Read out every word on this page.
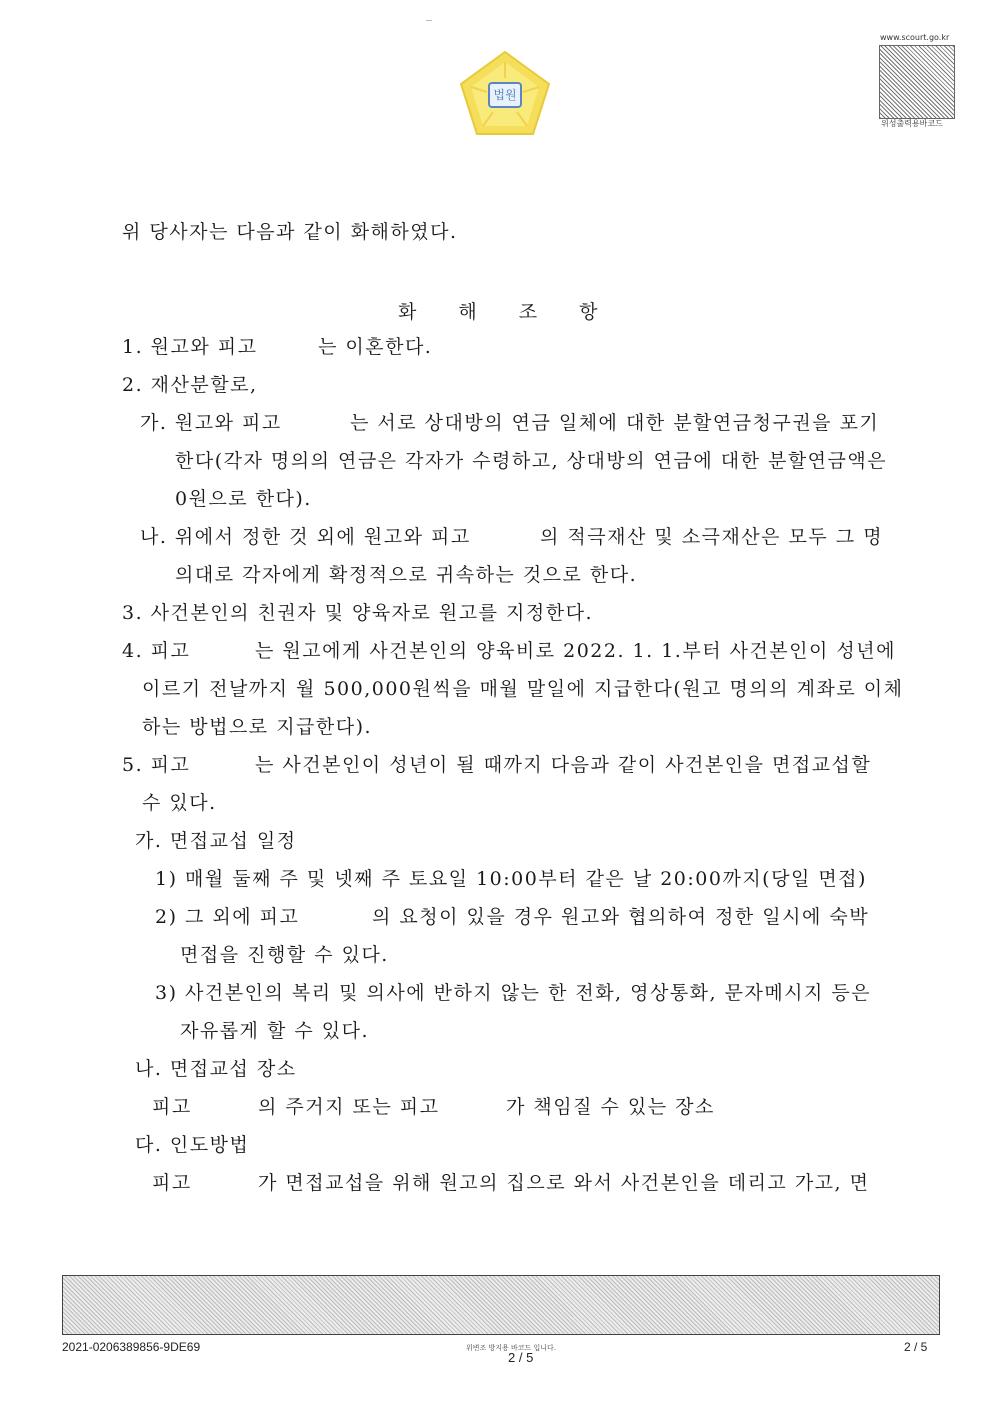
법원
www.scourt.go.kr
위성출력용바코드
위 당사자는 다음과 같이 화해하였다.
화 해 조 항
1. 원고와 피고	는 이혼한다.
2. 재산분할로,
가. 원고와 피고	는 서로 상대방의 연금 일체에 대한 분할연금청구권을 포기
한다(각자 명의의 연금은 각자가 수령하고, 상대방의 연금에 대한 분할연금액은
0원으로 한다).
나. 위에서 정한 것 외에 원고와 피고	의 적극재산 및 소극재산은 모두 그 명
의대로 각자에게 확정적으로 귀속하는 것으로 한다.
3. 사건본인의 친권자 및 양육자로 원고를 지정한다.
4. 피고	는 원고에게 사건본인의 양육비로 2022. 1. 1.부터 사건본인이 성년에
이르기 전날까지 월 500,000원씩을 매월 말일에 지급한다(원고 명의의 계좌로 이체
하는 방법으로 지급한다).
5. 피고	는 사건본인이 성년이 될 때까지 다음과 같이 사건본인을 면접교섭할
수 있다.
가. 면접교섭 일정
1) 매월 둘째 주 및 넷째 주 토요일 10:00부터 같은 날 20:00까지(당일 면접)
2) 그 외에 피고	의 요청이 있을 경우 원고와 협의하여 정한 일시에 숙박
면접을 진행할 수 있다.
3) 사건본인의 복리 및 의사에 반하지 않는 한 전화, 영상통화, 문자메시지 등은
자유롭게 할 수 있다.
나. 면접교섭 장소
피고	의 주거지 또는 피고	가 책임질 수 있는 장소
다. 인도방법
피고	가 면접교섭을 위해 원고의 집으로 와서 사건본인을 데리고 가고, 면
2021-0206389856-9DE69	위변조 방지용 바코드 입니다.
2 / 5
2 / 5
